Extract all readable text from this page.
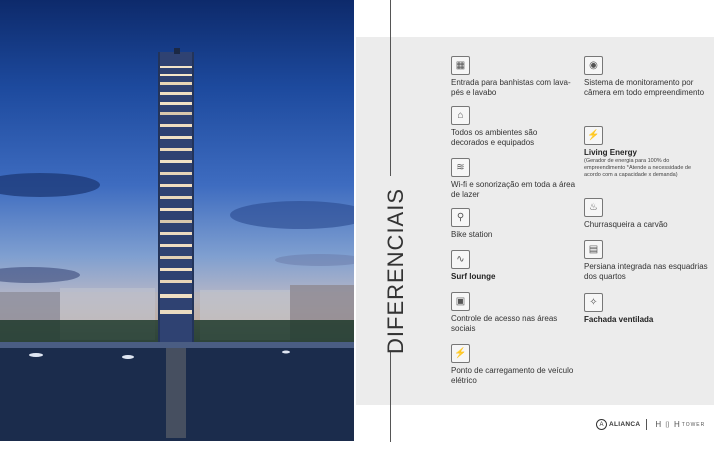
DIFERENCIAIS
▦
Entrada para banhistas com lava-pés e lavabo
⌂
Todos os ambientes são decorados e equipados
≋
Wi-fi e sonorização em toda a área de lazer
⚲
Bike station
∿
Surf lounge
▣
Controle de acesso nas áreas sociais
⚡
Ponto de carregamento de veículo elétrico
◉
Sistema de monitoramento por câmera em todo empreendimento
⚡
Living Energy
(Gerador de energia para 100% do empreendimento *Atende a necessidade de acordo com a capacidade x demanda)
♨
Churrasqueira a carvão
▤
Persiana integrada nas esquadrias dos quartos
✧
Fachada ventilada
A ALIANCA H ⌷ H TOWER
